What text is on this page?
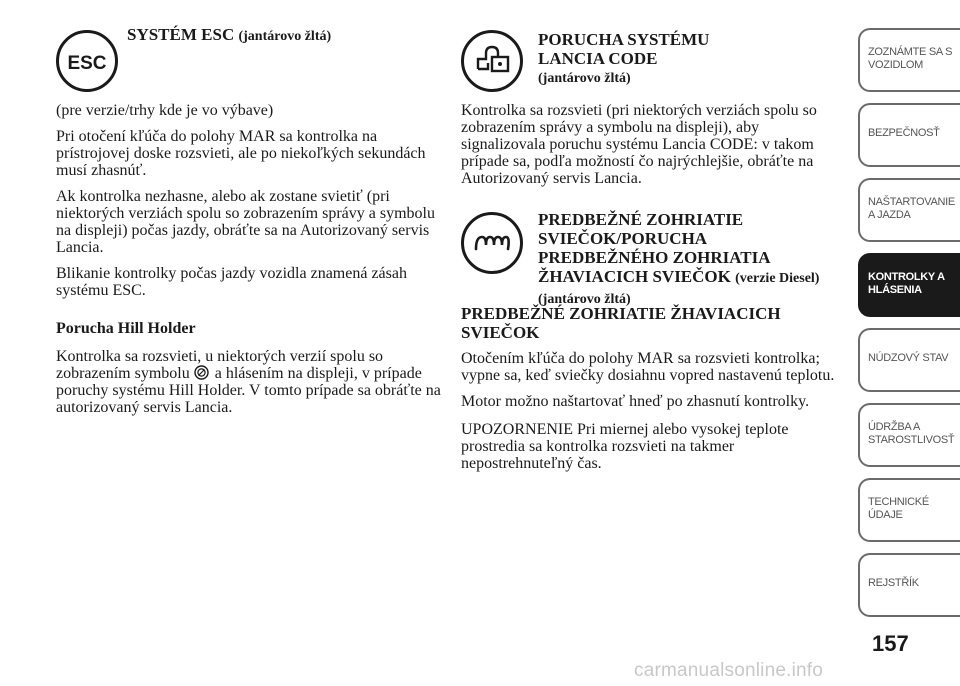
ESC
SYSTÉM ESC (jantárovo žltá)

(pre verzie/trhy kde je vo výbave)

Pri otočení kľúča do polohy MAR sa kontrolka na prístrojovej doske rozsvieti, ale po niekoľkých sekundách musí zhasnúť.

Ak kontrolka nezhasne, alebo ak zostane svietiť (pri niektorých verziách spolu so zobrazením správy a symbolu na displeji) počas jazdy, obráťte sa na Autorizovaný servis Lancia.

Blikanie kontrolky počas jazdy vozidla znamená zásah systému ESC.

Porucha Hill Holder

Kontrolka sa rozsvieti, u niektorých verzií spolu so zobrazením symbolu a hlásením na displeji, v prípade poruchy systému Hill Holder. V tomto prípade sa obráťte na autorizovaný servis Lancia.

PORUCHA SYSTÉMU
LANCIA CODE
(jantárovo žltá)

Kontrolka sa rozsvieti (pri niektorých verziách spolu so zobrazením správy a symbolu na displeji), aby signalizovala poruchu systému Lancia CODE: v takom prípade sa, podľa možností čo najrýchlejšie, obráťte na Autorizovaný servis Lancia.

PREDBEŽNÉ ZOHRIATIE SVIEČOK/PORUCHA PREDBEŽNÉHO ZOHRIATIA ŽHAVIACICH SVIEČOK (verzie Diesel) (jantárovo žltá)
PREDBEŽNÉ ZOHRIATIE ŽHAVIACICH SVIEČOK

Otočením kľúča do polohy MAR sa rozsvieti kontrolka; vypne sa, keď sviečky dosiahnu vopred nastavenú teplotu.

Motor možno naštartovať hneď po zhasnutí kontrolky.

UPOZORNENIE Pri miernej alebo vysokej teplote prostredia sa kontrolka rozsvieti na takmer nepostrehnuteľný čas.

ZOZNÁMTE SA S
VOZIDLOM
BEZPEČNOSŤ
NAŠTARTOVANIE
A JAZDA
KONTROLKY A
HLÁSENIA
NÚDZOVÝ STAV
ÚDRŽBA A
STAROSTLIVOSŤ
TECHNICKÉ
ÚDAJE
REJSTŘÍK
157
carmanualsonline.info
